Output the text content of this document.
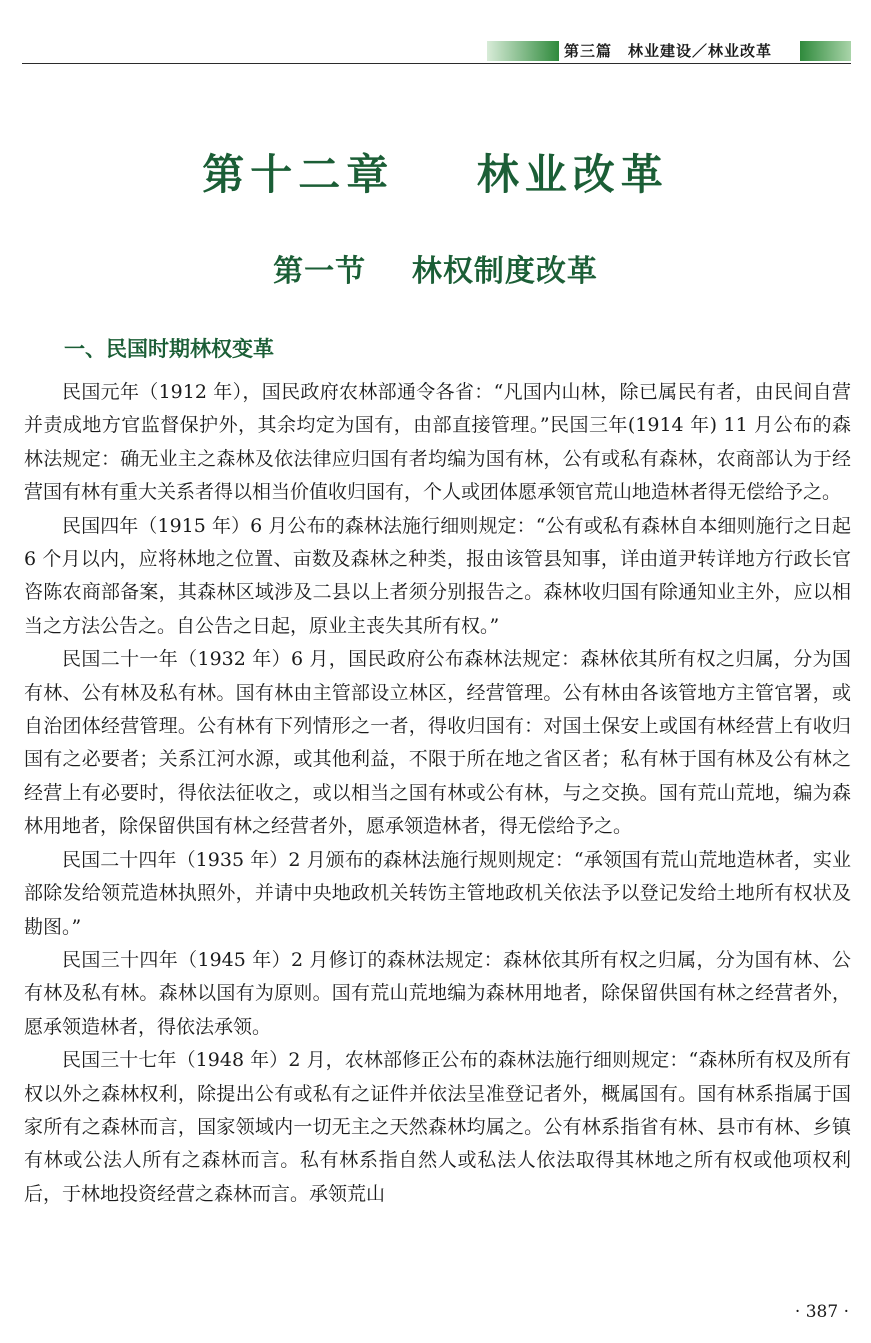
第三篇 林业建设／林业改革
第十二章    林业改革
第一节    林权制度改革
一、民国时期林权变革

民国元年（1912 年），国民政府农林部通令各省：“凡国内山林，除已属民有者，由民间自营并责成地方官监督保护外，其余均定为国有，由部直接管理。”民国三年(1914 年) 11 月公布的森林法规定：确无业主之森林及依法律应归国有者均编为国有林，公有或私有森林，农商部认为于经营国有林有重大关系者得以相当价值收归国有，个人或团体愿承领官荒山地造林者得无偿给予之。

民国四年（1915 年）6 月公布的森林法施行细则规定：“公有或私有森林自本细则施行之日起 6 个月以内，应将林地之位置、亩数及森林之种类，报由该管县知事，详由道尹转详地方行政长官咨陈农商部备案，其森林区域涉及二县以上者须分别报告之。森林收归国有除通知业主外，应以相当之方法公告之。自公告之日起，原业主丧失其所有权。”

民国二十一年（1932 年）6 月，国民政府公布森林法规定：森林依其所有权之归属，分为国有林、公有林及私有林。国有林由主管部设立林区，经营管理。公有林由各该管地方主管官署，或自治团体经营管理。公有林有下列情形之一者，得收归国有：对国土保安上或国有林经营上有收归国有之必要者；关系江河水源，或其他利益，不限于所在地之省区者；私有林于国有林及公有林之经营上有必要时，得依法征收之，或以相当之国有林或公有林，与之交换。国有荒山荒地，编为森林用地者，除保留供国有林之经营者外，愿承领造林者，得无偿给予之。

民国二十四年（1935 年）2 月颁布的森林法施行规则规定：“承领国有荒山荒地造林者，实业部除发给领荒造林执照外，并请中央地政机关转饬主管地政机关依法予以登记发给土地所有权状及勘图。”

民国三十四年（1945 年）2 月修订的森林法规定：森林依其所有权之归属，分为国有林、公有林及私有林。森林以国有为原则。国有荒山荒地编为森林用地者，除保留供国有林之经营者外，愿承领造林者，得依法承领。

民国三十七年（1948 年）2 月，农林部修正公布的森林法施行细则规定：“森林所有权及所有权以外之森林权利，除提出公有或私有之证件并依法呈准登记者外，概属国有。国有林系指属于国家所有之森林而言，国家领域内一切无主之天然森林均属之。公有林系指省有林、县市有林、乡镇有林或公法人所有之森林而言。私有林系指自然人或私法人依法取得其林地之所有权或他项权利后，于林地投资经营之森林而言。承领荒山

· 387 ·
